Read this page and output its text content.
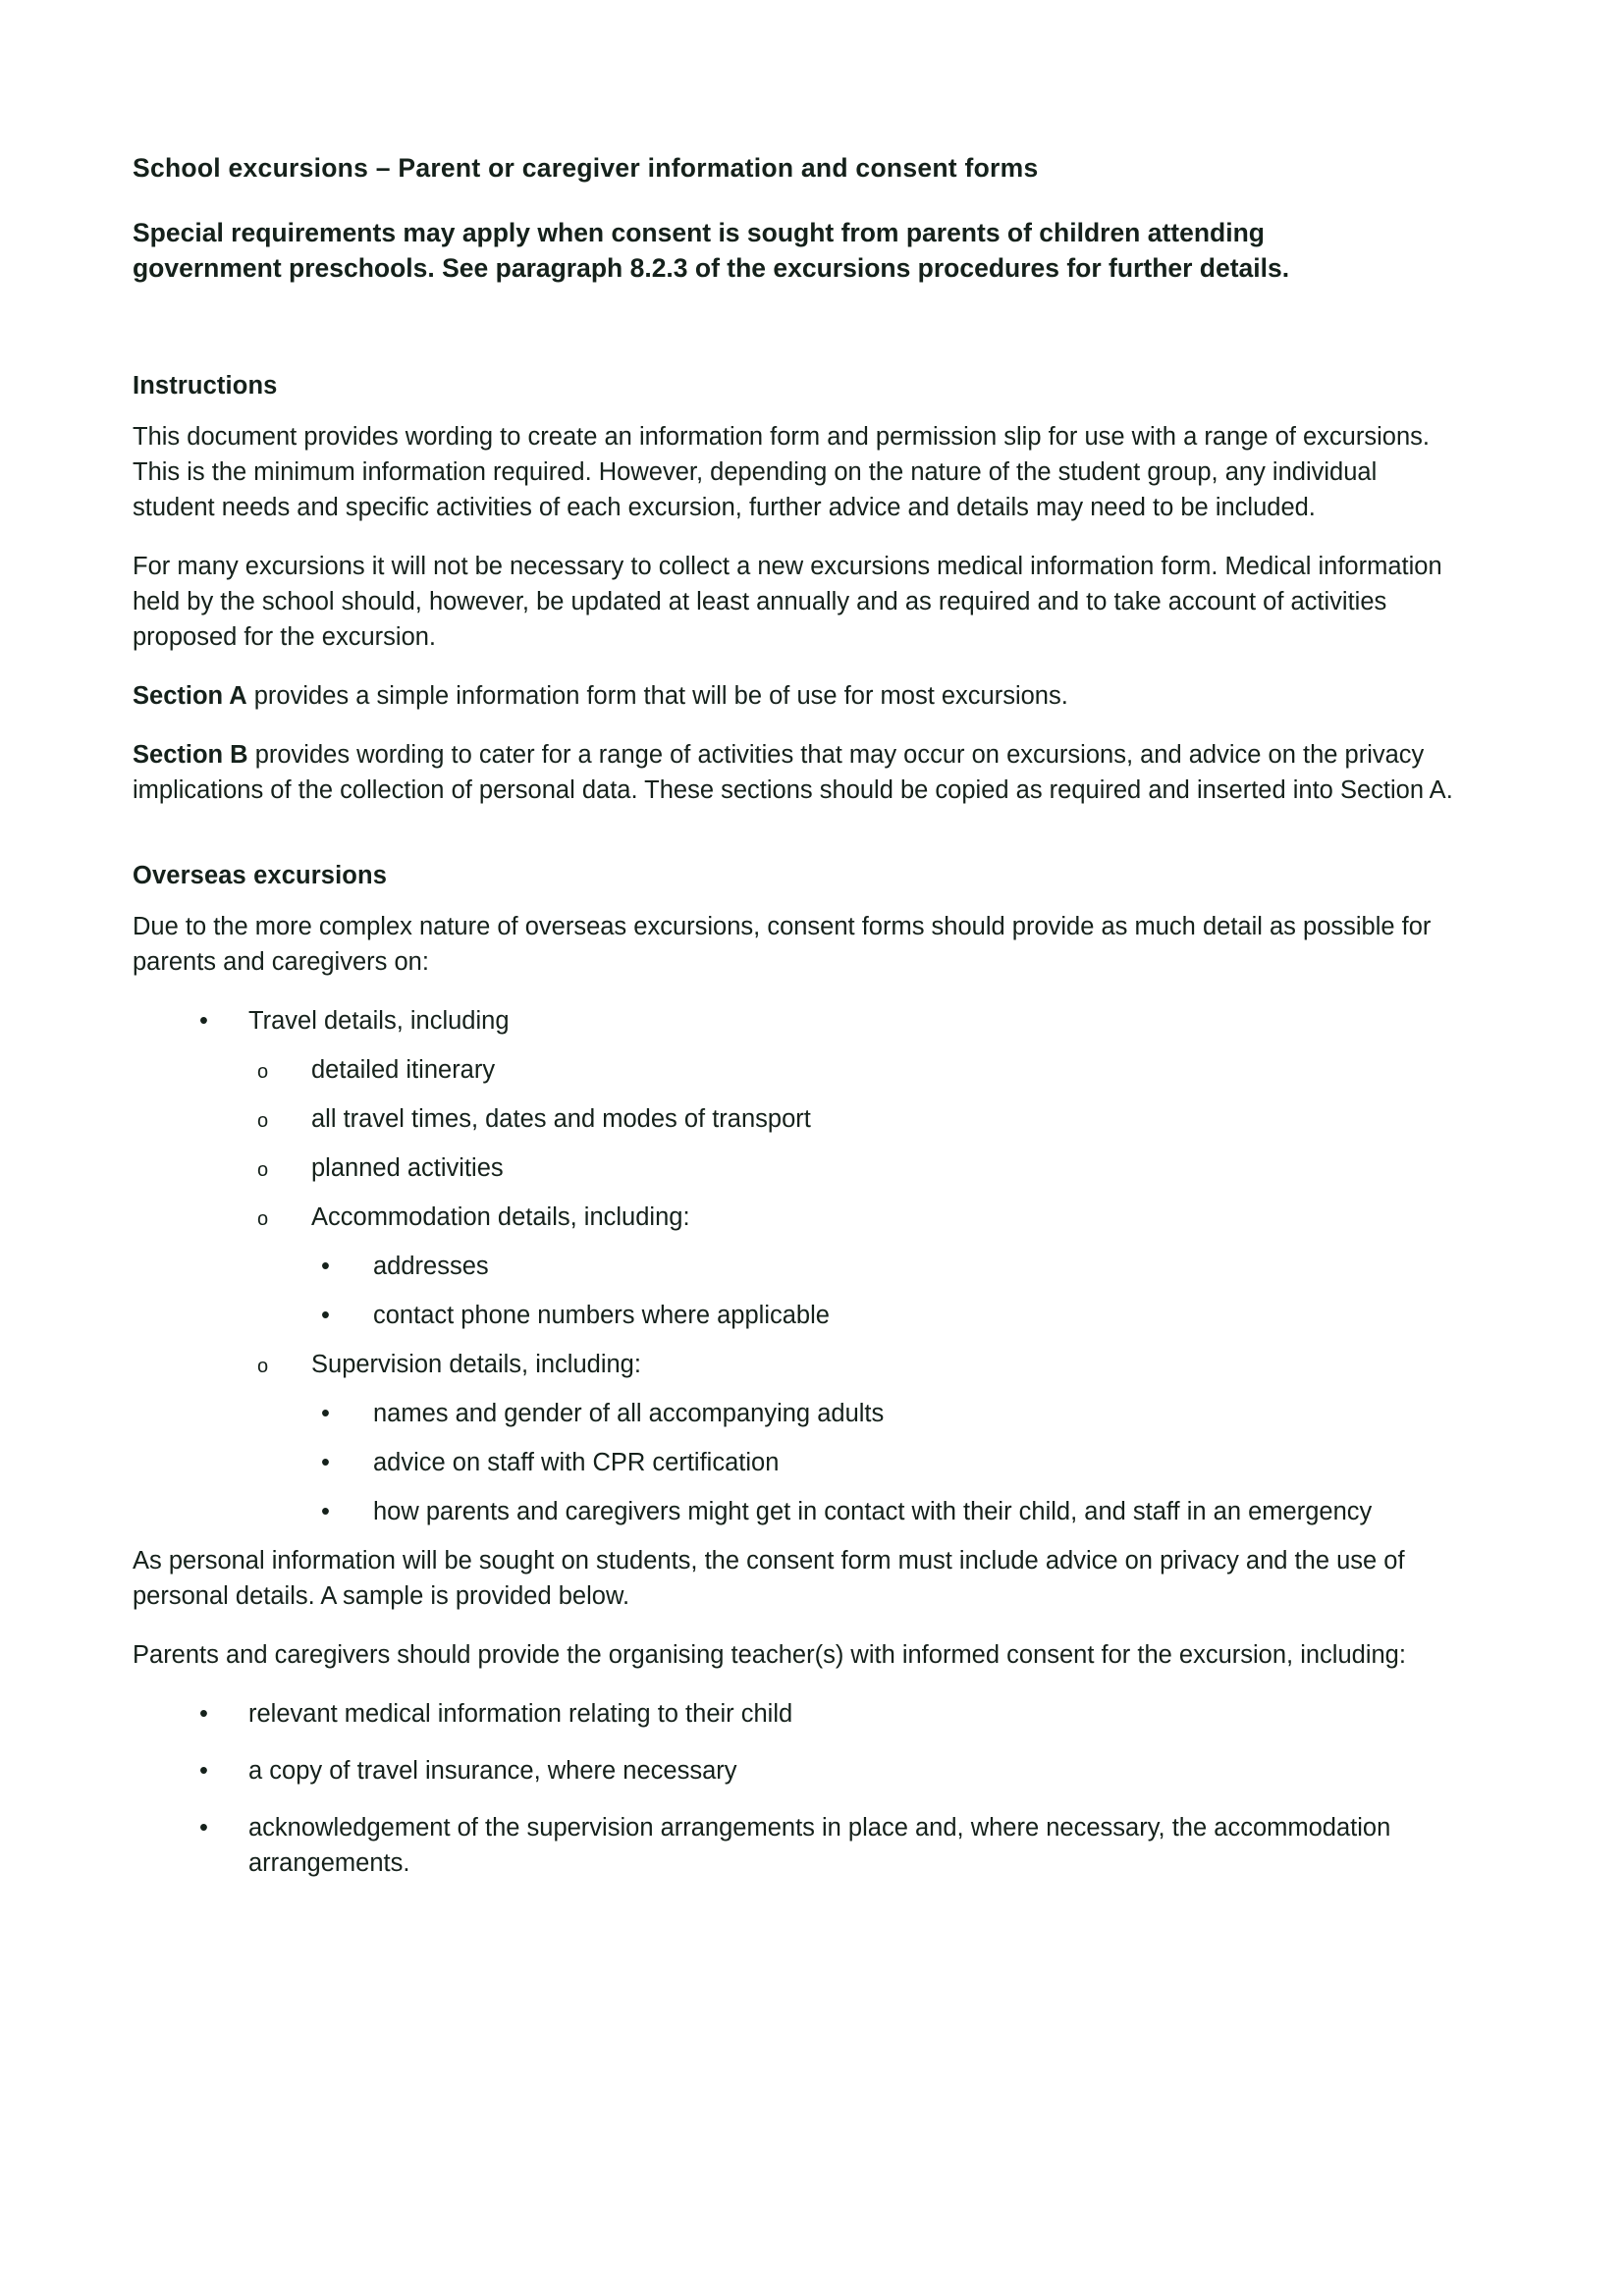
School excursions – Parent or caregiver information and consent forms

Special requirements may apply when consent is sought from parents of children attending government preschools. See paragraph 8.2.3 of the excursions procedures for further details.

Instructions

This document provides wording to create an information form and permission slip for use with a range of excursions. This is the minimum information required. However, depending on the nature of the student group, any individual student needs and specific activities of each excursion, further advice and details may need to be included.

For many excursions it will not be necessary to collect a new excursions medical information form. Medical information held by the school should, however, be updated at least annually and as required and to take account of activities proposed for the excursion.

Section A provides a simple information form that will be of use for most excursions.

Section B provides wording to cater for a range of activities that may occur on excursions, and advice on the privacy implications of the collection of personal data. These sections should be copied as required and inserted into Section A.

Overseas excursions

Due to the more complex nature of overseas excursions, consent forms should provide as much detail as possible for parents and caregivers on:

• Travel details, including
o detailed itinerary
o all travel times, dates and modes of transport
o planned activities
o Accommodation details, including:
• addresses
• contact phone numbers where applicable
o Supervision details, including:
• names and gender of all accompanying adults
• advice on staff with CPR certification
• how parents and caregivers might get in contact with their child, and staff in an emergency

As personal information will be sought on students, the consent form must include advice on privacy and the use of personal details. A sample is provided below.

Parents and caregivers should provide the organising teacher(s) with informed consent for the excursion, including:

• relevant medical information relating to their child
• a copy of travel insurance, where necessary
• acknowledgement of the supervision arrangements in place and, where necessary, the accommodation arrangements.
